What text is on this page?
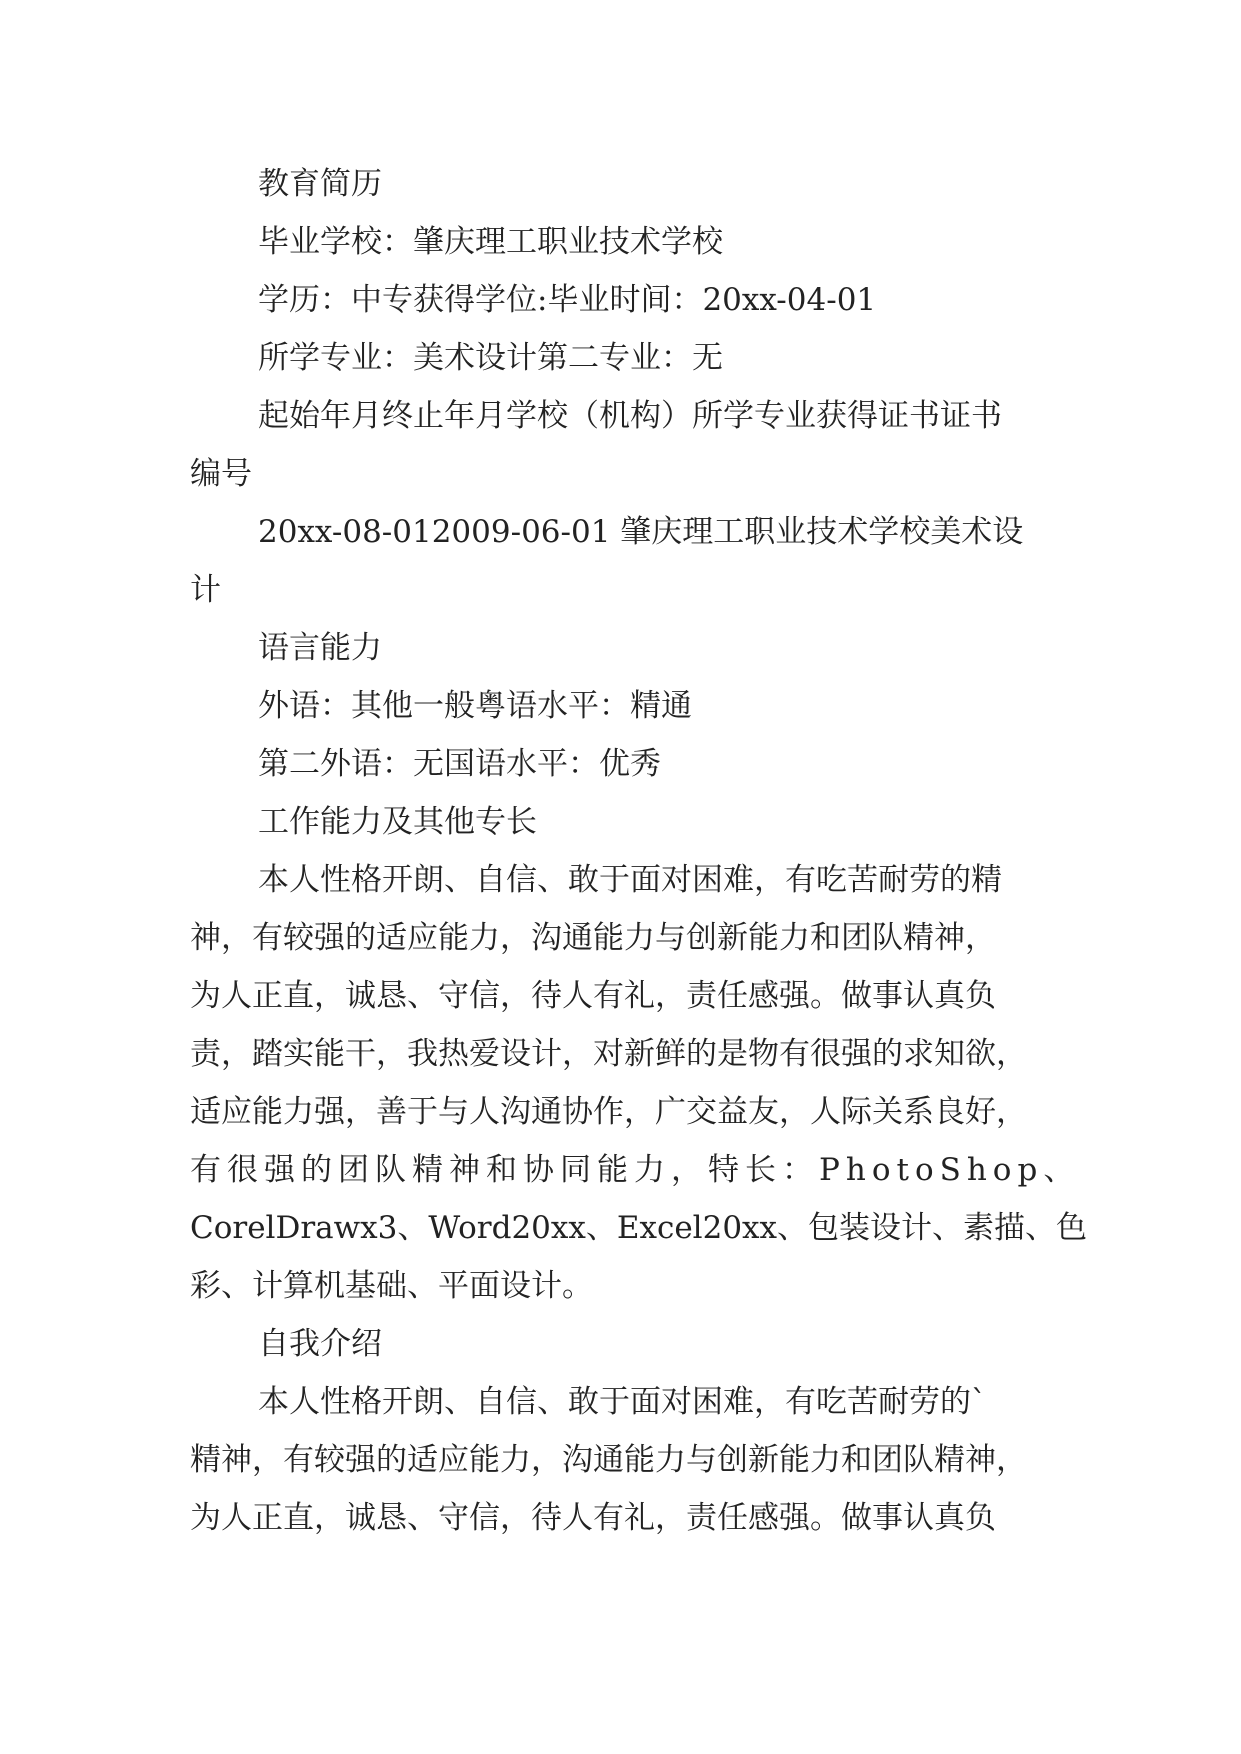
教育简历
毕业学校：肇庆理工职业技术学校
学历：中专获得学位:毕业时间：20xx-04-01
所学专业：美术设计第二专业：无
起始年月终止年月学校（机构）所学专业获得证书证书
编号
20xx-08-012009-06-01 肇庆理工职业技术学校美术设
计
语言能力
外语：其他一般粤语水平：精通
第二外语：无国语水平：优秀
工作能力及其他专长
本人性格开朗、自信、敢于面对困难，有吃苦耐劳的精
神，有较强的适应能力，沟通能力与创新能力和团队精神，
为人正直，诚恳、守信，待人有礼，责任感强。做事认真负
责，踏实能干，我热爱设计，对新鲜的是物有很强的求知欲，
适应能力强，善于与人沟通协作，广交益友，人际关系良好，
有很强的团队精神和协同能力，特长：PhotoShop、
CorelDrawx3、Word20xx、Excel20xx、包装设计、素描、色
彩、计算机基础、平面设计。
自我介绍
本人性格开朗、自信、敢于面对困难，有吃苦耐劳的`
精神，有较强的适应能力，沟通能力与创新能力和团队精神，
为人正直，诚恳、守信，待人有礼，责任感强。做事认真负
